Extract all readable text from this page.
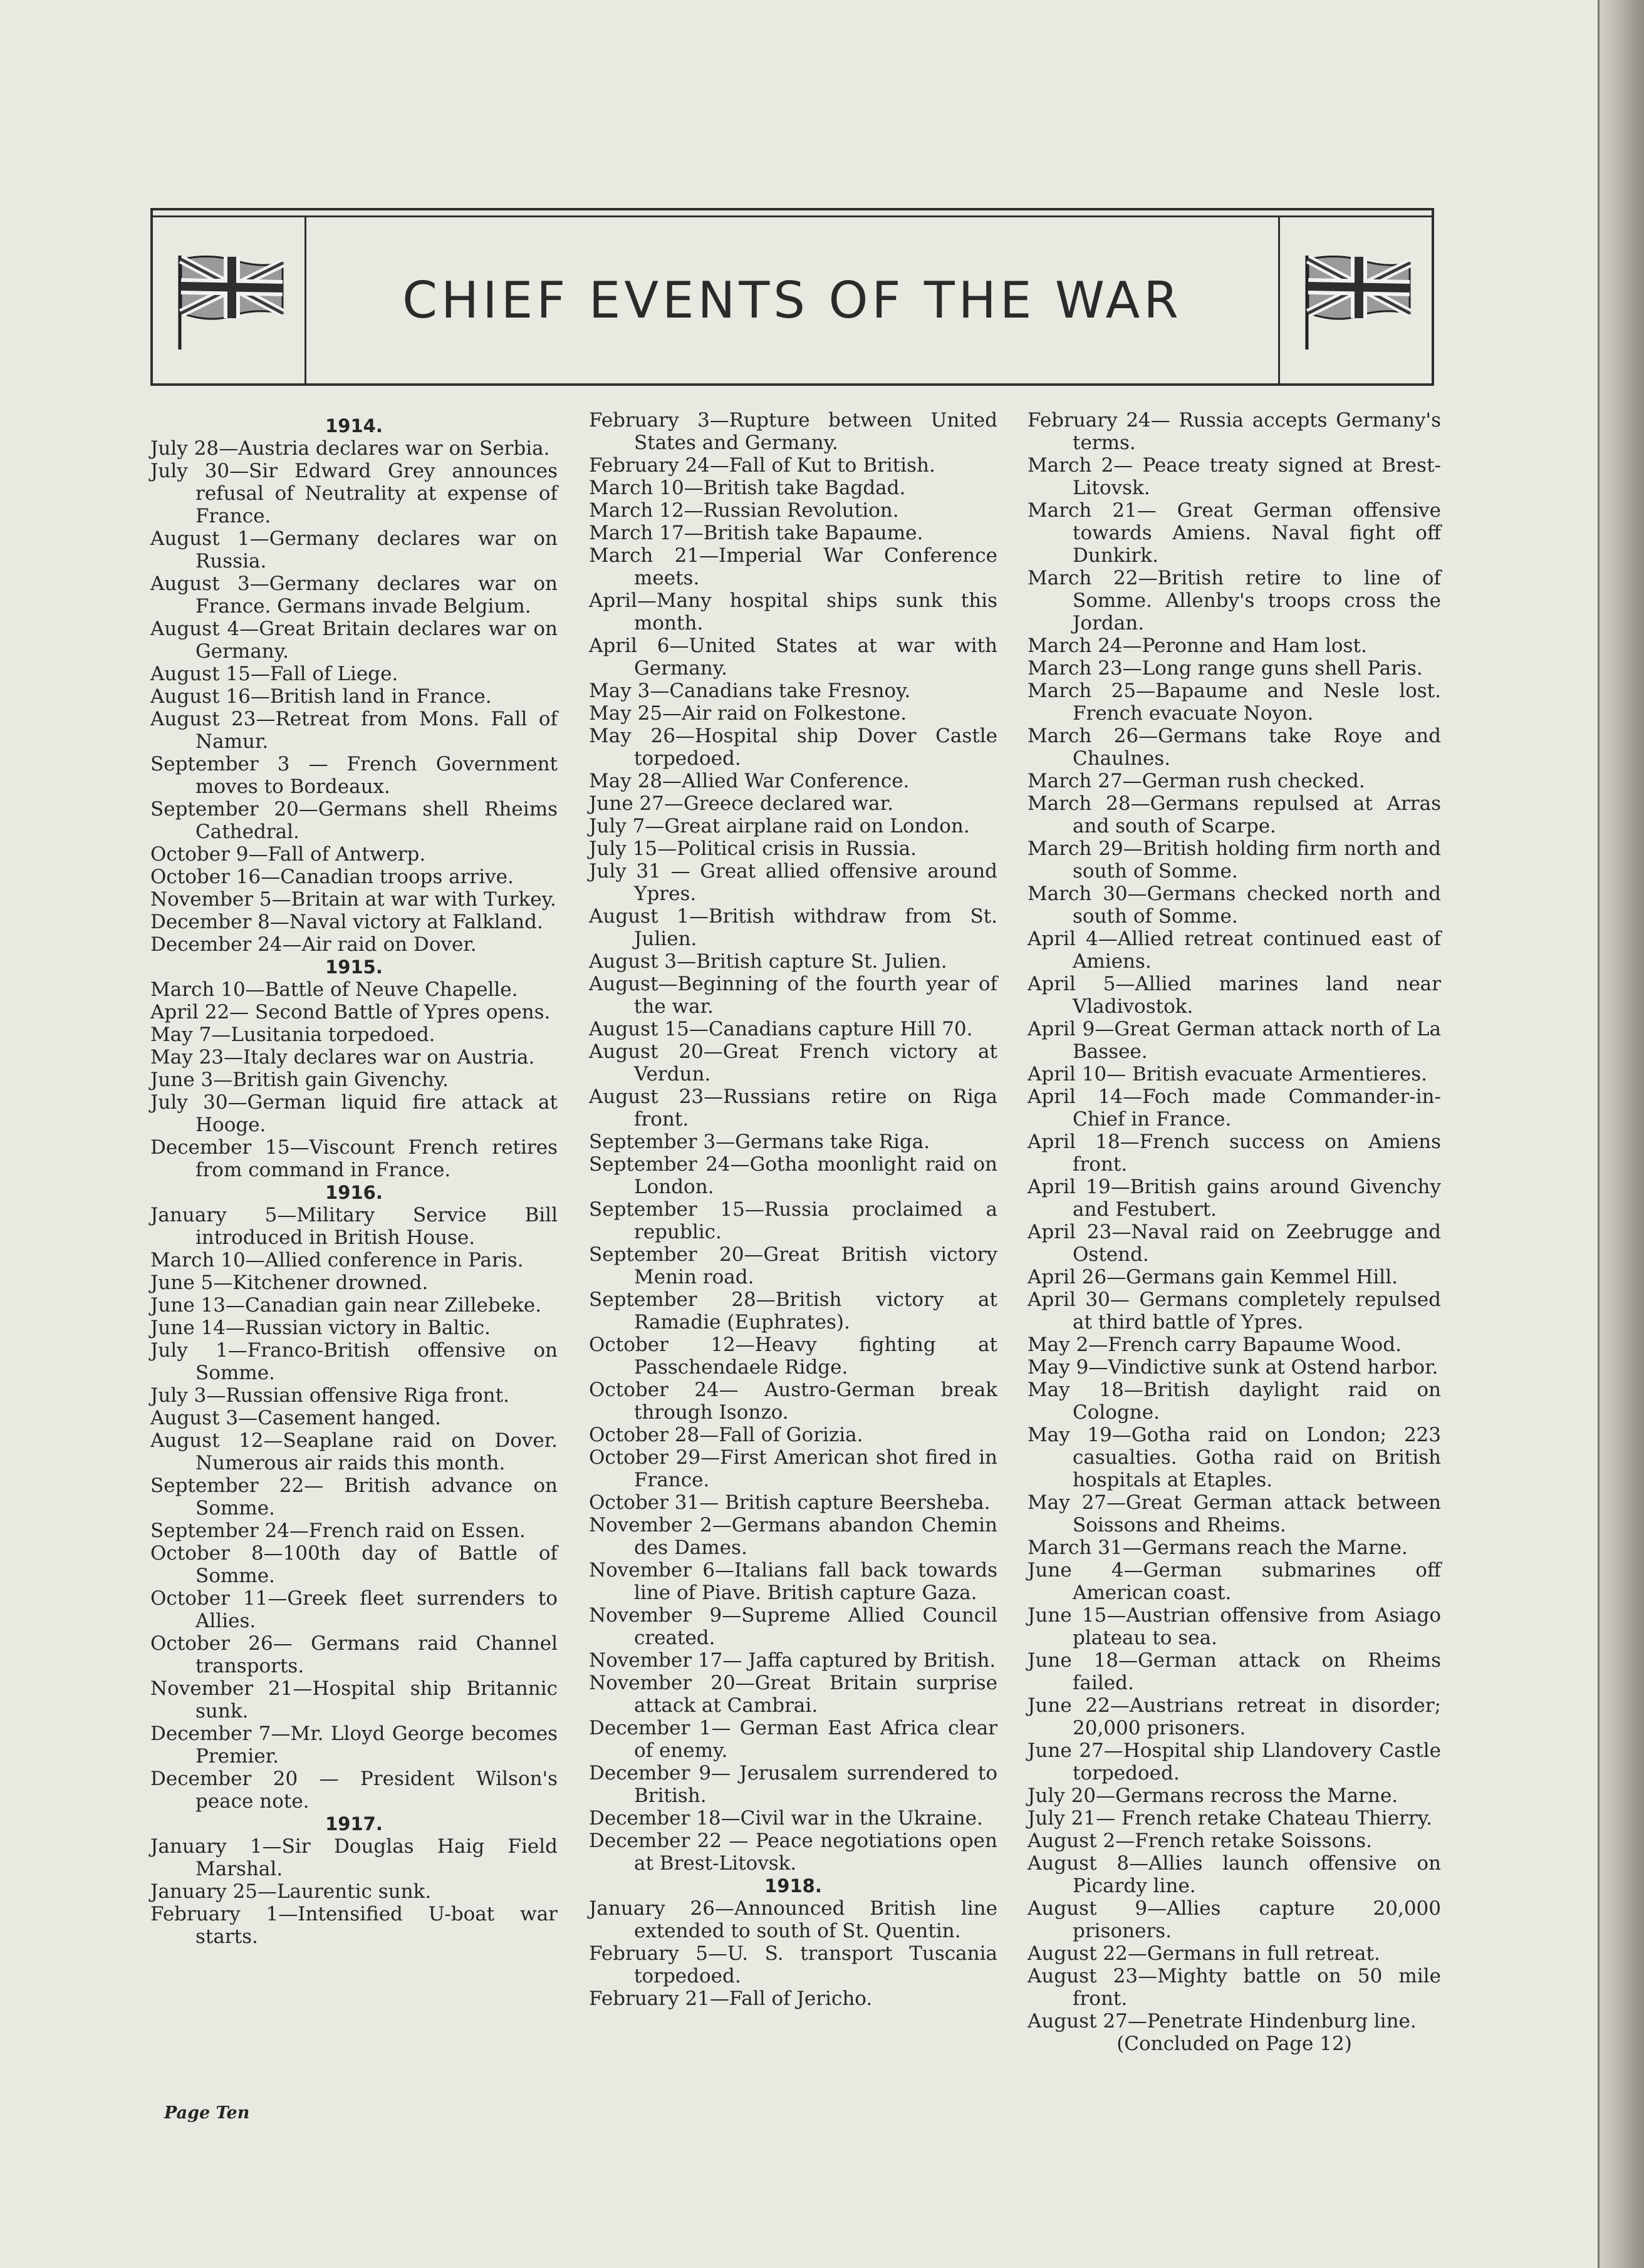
CHIEF EVENTS OF THE WAR
1914.
July 28—Austria declares war on Serbia.
July 30—Sir Edward Grey announces refusal of Neutrality at expense of France.
August 1—Germany declares war on Russia.
August 3—Germany declares war on France. Germans invade Belgium.
August 4—Great Britain declares war on Germany.
August 15—Fall of Liege.
August 16—British land in France.
August 23—Retreat from Mons. Fall of Namur.
September 3 — French Government moves to Bordeaux.
September 20—Germans shell Rheims Cathedral.
October 9—Fall of Antwerp.
October 16—Canadian troops arrive.
November 5—Britain at war with Turkey.
December 8—Naval victory at Falkland.
December 24—Air raid on Dover.
1915.
March 10—Battle of Neuve Chapelle.
April 22— Second Battle of Ypres opens.
May 7—Lusitania torpedoed.
May 23—Italy declares war on Austria.
June 3—British gain Givenchy.
July 30—German liquid fire attack at Hooge.
December 15—Viscount French retires from command in France.
1916.
January 5—Military Service Bill introduced in British House.
March 10—Allied conference in Paris.
June 5—Kitchener drowned.
June 13—Canadian gain near Zillebeke.
June 14—Russian victory in Baltic.
July 1—Franco-British offensive on Somme.
July 3—Russian offensive Riga front.
August 3—Casement hanged.
August 12—Seaplane raid on Dover. Numerous air raids this month.
September 22— British advance on Somme.
September 24—French raid on Essen.
October 8—100th day of Battle of Somme.
October 11—Greek fleet surrenders to Allies.
October 26— Germans raid Channel transports.
November 21—Hospital ship Britannic sunk.
December 7—Mr. Lloyd George becomes Premier.
December 20 — President Wilson's peace note.
1917.
January 1—Sir Douglas Haig Field Marshal.
January 25—Laurentic sunk.
February 1—Intensified U-boat war starts.
February 3—Rupture between United States and Germany.
February 24—Fall of Kut to British.
March 10—British take Bagdad.
March 12—Russian Revolution.
March 17—British take Bapaume.
March 21—Imperial War Conference meets.
April—Many hospital ships sunk this month.
April 6—United States at war with Germany.
May 3—Canadians take Fresnoy.
May 25—Air raid on Folkestone.
May 26—Hospital ship Dover Castle torpedoed.
May 28—Allied War Conference.
June 27—Greece declared war.
July 7—Great airplane raid on London.
July 15—Political crisis in Russia.
July 31 — Great allied offensive around Ypres.
August 1—British withdraw from St. Julien.
August 3—British capture St. Julien.
August—Beginning of the fourth year of the war.
August 15—Canadians capture Hill 70.
August 20—Great French victory at Verdun.
August 23—Russians retire on Riga front.
September 3—Germans take Riga.
September 24—Gotha moonlight raid on London.
September 15—Russia proclaimed a republic.
September 20—Great British victory Menin road.
September 28—British victory at Ramadie (Euphrates).
October 12—Heavy fighting at Passchendaele Ridge.
October 24— Austro-German break through Isonzo.
October 28—Fall of Gorizia.
October 29—First American shot fired in France.
October 31— British capture Beersheba.
November 2—Germans abandon Chemin des Dames.
November 6—Italians fall back towards line of Piave. British capture Gaza.
November 9—Supreme Allied Council created.
November 17— Jaffa captured by British.
November 20—Great Britain surprise attack at Cambrai.
December 1— German East Africa clear of enemy.
December 9— Jerusalem surrendered to British.
December 18—Civil war in the Ukraine.
December 22 — Peace negotiations open at Brest-Litovsk.
1918.
January 26—Announced British line extended to south of St. Quentin.
February 5—U. S. transport Tuscania torpedoed.
February 21—Fall of Jericho.
February 24— Russia accepts Germany's terms.
March 2— Peace treaty signed at Brest-Litovsk.
March 21— Great German offensive towards Amiens. Naval fight off Dunkirk.
March 22—British retire to line of Somme. Allenby's troops cross the Jordan.
March 24—Peronne and Ham lost.
March 23—Long range guns shell Paris.
March 25—Bapaume and Nesle lost. French evacuate Noyon.
March 26—Germans take Roye and Chaulnes.
March 27—German rush checked.
March 28—Germans repulsed at Arras and south of Scarpe.
March 29—British holding firm north and south of Somme.
March 30—Germans checked north and south of Somme.
April 4—Allied retreat continued east of Amiens.
April 5—Allied marines land near Vladivostok.
April 9—Great German attack north of La Bassee.
April 10— British evacuate Armentieres.
April 14—Foch made Commander-in-Chief in France.
April 18—French success on Amiens front.
April 19—British gains around Givenchy and Festubert.
April 23—Naval raid on Zeebrugge and Ostend.
April 26—Germans gain Kemmel Hill.
April 30— Germans completely repulsed at third battle of Ypres.
May 2—French carry Bapaume Wood.
May 9—Vindictive sunk at Ostend harbor.
May 18—British daylight raid on Cologne.
May 19—Gotha raid on London; 223 casualties. Gotha raid on British hospitals at Etaples.
May 27—Great German attack between Soissons and Rheims.
March 31—Germans reach the Marne.
June 4—German submarines off American coast.
June 15—Austrian offensive from Asiago plateau to sea.
June 18—German attack on Rheims failed.
June 22—Austrians retreat in disorder; 20,000 prisoners.
June 27—Hospital ship Llandovery Castle torpedoed.
July 20—Germans recross the Marne.
July 21— French retake Chateau Thierry.
August 2—French retake Soissons.
August 8—Allies launch offensive on Picardy line.
August 9—Allies capture 20,000 prisoners.
August 22—Germans in full retreat.
August 23—Mighty battle on 50 mile front.
August 27—Penetrate Hindenburg line.
(Concluded on Page 12)
Page Ten
